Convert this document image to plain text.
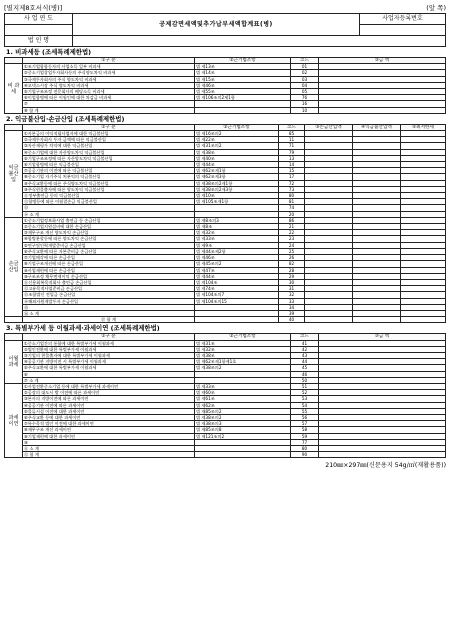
[별지제8호서식(병)]	(앞 쪽)
사 업 연 도	공제감면세액및추가납부세액합계표(병)	사업자등록번호

법 인 명		
1. 비과세등 (조세특례제한법)
	①구 분	②근거법조항	코드	③금 액
비 과 세	①조기업합합동자의 사업소득 일부 비과세	법 제13조	01	
	②중소기업창업투자회사등의 주식양도차익 비과세	법 제14조	02	
	③국제투자회사의 주식 양도차익 비과세	법 제15조	03	
	④코넥스시장 주식 양도차익 비과세	법 제46조	04	
	⑤기업구조조정 전문회사의 배당소득 비과세	법 제55조	05	
	⑥이업합병에 따른 이월인에 대한 차감금 비과세	법 제106조의2제1항	76	
	⑦		16	
	⑧ 합 계		10	
2. 익금불산입·손금산입 (조세특례제한법)
	①구 분	②근거법조항	코드	③손금산입액	④익금불산입액	⑤최저한세
익금불산입	①자본금의 이익적립사업자에 대한 익금불산입	법 제16조의2	85			
	②국제투자회사 투자 금액에 따른 익금불산입	법 제22조	11			
	③자산재평가 차익에 대한 익금불산입	법 제31조의2	71			
	④중소기업에 대한 자산양도차익 익금불산입	법 제38조	79			
	⑤기업구조조정에 따른 자산양도차익 익금불산입	법 제40조	13			
	⑥기업합병에 따른 익금불산입	법 제44조	14			
	⑦공공기관의 이전에 따른 익금불산입	법 제62조제1항	15			
	⑧중소기업 자기주식 처분익의 익금불산입	법 제62조제3항	17			
	⑨주식교환등에 따른 주식양도차익 익금불산입	법 제38조의2제1항	72			
	⑩주식현물출자에 따른 양도차익 익금불산입	법 제38조의2제3항	73			
	⑪정부출연금 등의 익금불산입	법 제10조	80			
	⑫합병등에 따른 이월결손금 익금불산입	법 제105조제1항	81			
	⑬		74			
	⑭ 소 계		20			
손금산입	①중소기업정보화사업 출연금 등 손금산입	법 제8조의3	86			
	②중소기업지원설비에 대한 손금산입	법 제8조	21			
	③재무구조 개선 양도차익 손금산입	법 제32조	22			
	④합병분할등에 따른 양도차익 손금산입	법 제33조	23			
	⑤연구및인력개발준비금 손금산입	법 제9조	24			
	⑥주식교환에 따른 자본준비금 손금산입	법 제44조제2항	25			
	⑦기업매각에 따른 손금산입	법 제46조	26			
	⑧기업구조개선에 따른 손금산입	법 제45조의2	82			
	⑨사업재편에 따른 손금산입	법 제47조	28			
	⑩구조조정 채무면제이익 손금산입	법 제44조	29			
	⑪신용회복목적회사 출연금 손금산입	법 제104조	30			
	⑫고유목적사업준비금 손금산입	법 제74조	31			
	⑬조합법인 전입금 손금산입	법 제104조의7	32			
	⑭해외자원개발투자 손금산입	법 제104조의15	33			
	⑮		34			
	⑯ 소 계		39			
	⑰ 합 계		40			
3. 특별부가세 등 이월과세·과세이연 (조세특례제한법)
	①구 분	②근거법조항	코드	③금 액
이월과세	①중소기업간의 통합에 대한 특별부가세 이월과세	법 제31조	41	
	②법인전환에 대한 특별부가세 이월과세	법 제32조	42	
	③기업의 현물출자에 대한 특별부가세 이월과세	법 제38조	43	
	④공공기관 지방이전 시 특별부가세 이월과세	법 제62조제1항제1호	44	
	⑤주식교환에 대한 특별부가세 이월과세	법 제38조의2	45	
	⑥		46	
	⑦ 소 계		50	
과세이연	①사업전환중소기업 등에 대한 특별부가세 과세이연	법 제33조	51	
	②공장의 대도시 밖 이전에 따른 과세이연	법 제60조	52	
	③본사의 지방이전에 따른 과세이연	법 제61조	53	
	④공공기관 이전에 따른 과세이연	법 제62조	54	
	⑤물류시설 이전에 대한 과세이연	법 제85조의2	55	
	⑥주식교환 등에 대한 과세이연	법 제38조의2	56	
	⑦특수목적 법인 이전에 대한 과세이연	법 제38조의3	57	
	⑧재무구조 개선 과세이연	법 제85조의8	58	
	⑨기업재편에 대한 과세이연	법 제121조의2	59	
	⑩		77	
	⑪ 소 계		80	
	⑫ 합 계		90	
210㎜×297㎜(신문용지 54g/㎡(재활용품))
